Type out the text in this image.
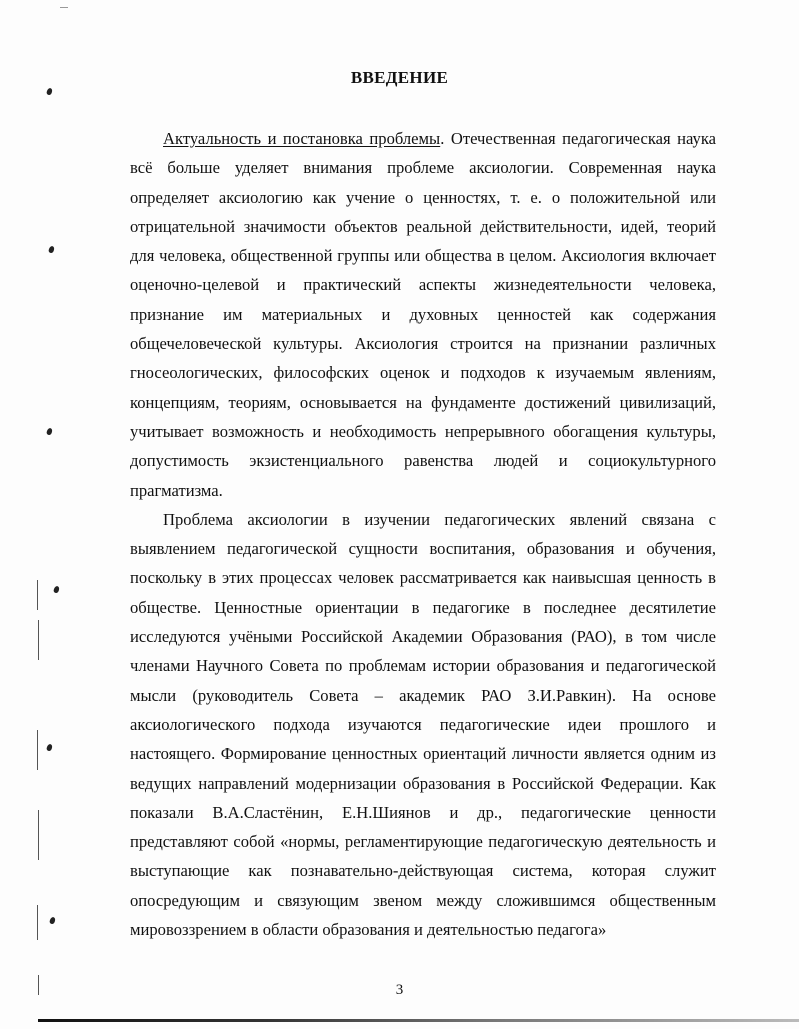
ВВЕДЕНИЕ

Актуальность и постановка проблемы. Отечественная педагогическая наука всё больше уделяет внимания проблеме аксиологии. Современная наука определяет аксиологию как учение о ценностях, т. е. о положительной или отрицательной значимости объектов реальной действительности, идей, теорий для человека, общественной группы или общества в целом. Аксиология включает оценочно-целевой и практический аспекты жизнедеятельности человека, признание им материальных и духовных ценностей как содержания общечеловеческой культуры. Аксиология строится на признании различных гносеологических, философских оценок и подходов к изучаемым явлениям, концепциям, теориям, основывается на фундаменте достижений цивилизаций, учитывает возможность и необходимость непрерывного обогащения культуры, допустимость экзистенциального равенства людей и социокультурного прагматизма.

Проблема аксиологии в изучении педагогических явлений связана с выявлением педагогической сущности воспитания, образования и обучения, поскольку в этих процессах человек рассматривается как наивысшая ценность в обществе. Ценностные ориентации в педагогике в последнее десятилетие исследуются учёными Российской Академии Образования (РАО), в том числе членами Научного Совета по проблемам истории образования и педагогической мысли (руководитель Совета – академик РАО З.И.Равкин). На основе аксиологического подхода изучаются педагогические идеи прошлого и настоящего. Формирование ценностных ориентаций личности является одним из ведущих направлений модернизации образования в Российской Федерации. Как показали В.А.Сластёнин, Е.Н.Шиянов и др., педагогические ценности представляют собой «нормы, регламентирующие педагогическую деятельность и выступающие как познавательно-действующая система, которая служит опосредующим и связующим звеном между сложившимся общественным мировоззрением в области образования и деятельностью педагога»

3
